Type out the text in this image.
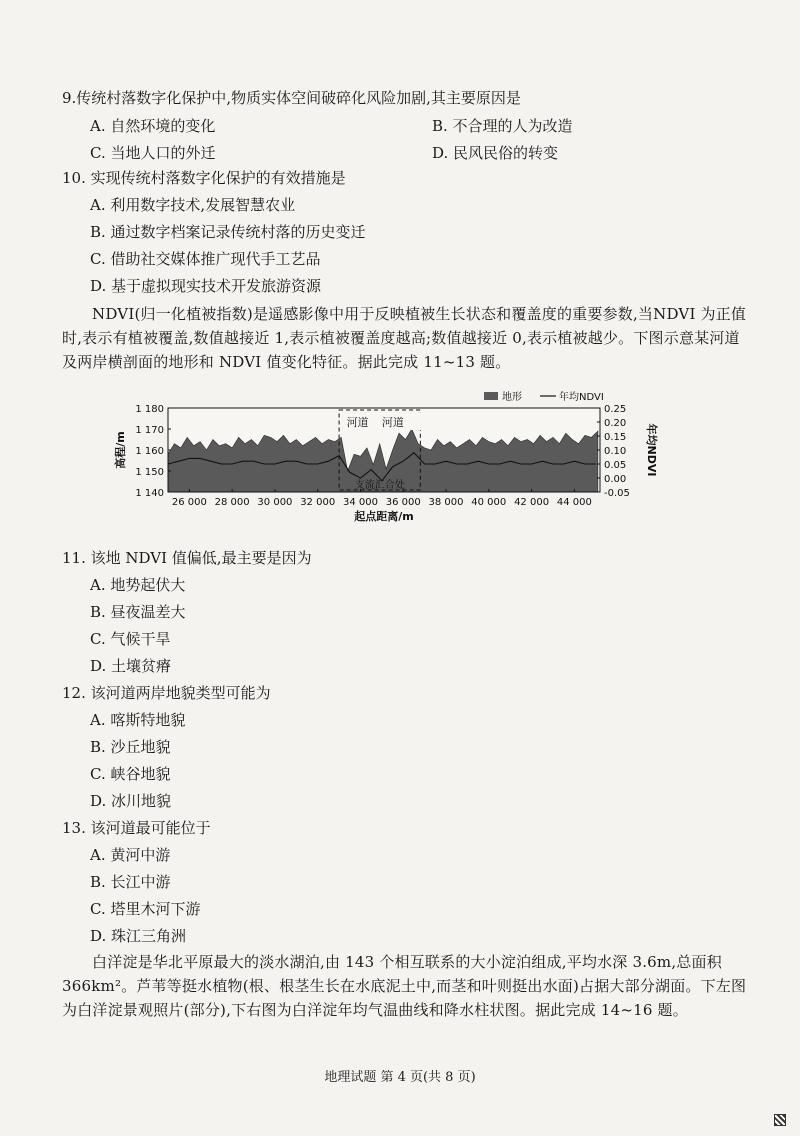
9.传统村落数字化保护中,物质实体空间破碎化风险加剧,其主要原因是
A. 自然环境的变化	B. 不合理的人为改造
C. 当地人口的外迁	D. 民风民俗的转变
10. 实现传统村落数字化保护的有效措施是
A. 利用数字技术,发展智慧农业
B. 通过数字档案记录传统村落的历史变迁
C. 借助社交媒体推广现代手工艺品
D. 基于虚拟现实技术开发旅游资源
NDVI(归一化植被指数)是遥感影像中用于反映植被生长状态和覆盖度的重要参数,当NDVI 为正值时,表示有植被覆盖,数值越接近 1,表示植被覆盖度越高;数值越接近 0,表示植被越少。下图示意某河道及两岸横剖面的地形和 NDVI 值变化特征。据此完成 11~13 题。
河道 河道
支流汇合处
1 180
1 170
1 160
1 150
1 140
0.25
0.20
0.15
0.10
0.05
0.00
-0.05
26 000 28 000 30 000 32 000 34 000 36 000 38 000 40 000 42 000 44 000
起点距离/m
高程/m	年均NDVI
地形	年均NDVI
11. 该地 NDVI 值偏低,最主要是因为
A. 地势起伏大
B. 昼夜温差大
C. 气候干旱
D. 土壤贫瘠
12. 该河道两岸地貌类型可能为
A. 喀斯特地貌
B. 沙丘地貌
C. 峡谷地貌
D. 冰川地貌
13. 该河道最可能位于
A. 黄河中游
B. 长江中游
C. 塔里木河下游
D. 珠江三角洲
白洋淀是华北平原最大的淡水湖泊,由 143 个相互联系的大小淀泊组成,平均水深 3.6m,总面积 366km²。芦苇等挺水植物(根、根茎生长在水底泥土中,而茎和叶则挺出水面)占据大部分湖面。下左图为白洋淀景观照片(部分),下右图为白洋淀年均气温曲线和降水柱状图。据此完成 14~16 题。
地理试题 第 4 页(共 8 页)
